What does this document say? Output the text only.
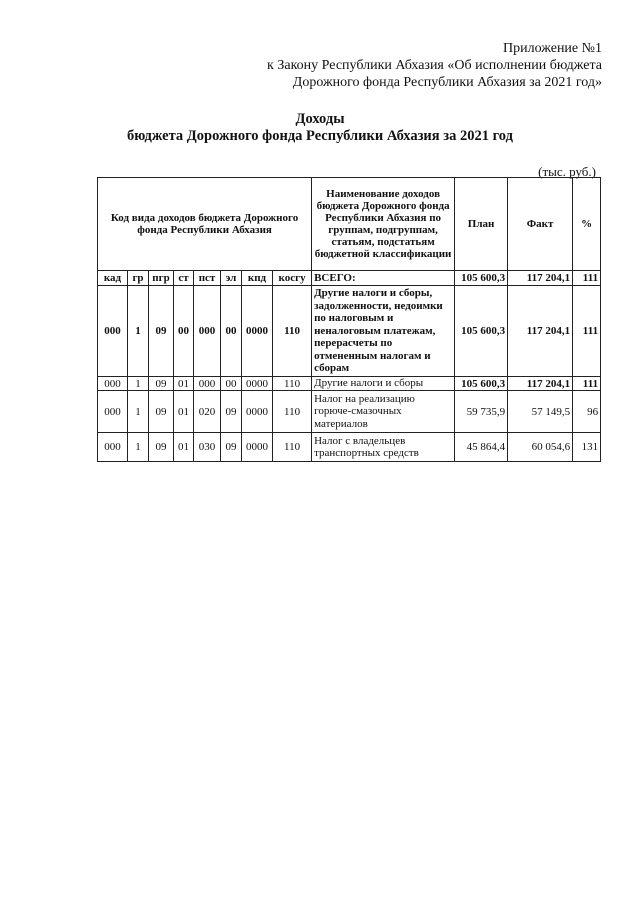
Приложение №1
к Закону Республики Абхазия «Об исполнении бюджета
Дорожного фонда Республики Абхазия за 2021 год»
Доходы
бюджета Дорожного фонда Республики Абхазия за 2021 год
(тыс. руб.)
Код вида доходов бюджета Дорожного фонда Республики Абхазия								Наименование доходов бюджета Дорожного фонда Республики Абхазия по группам, подгруппам, статьям, подстатьям бюджетной классификации	План	Факт	%
кад	гр	пгр	ст	пст	эл	кпд	косгу	ВСЕГО:	105 600,3	117 204,1	111
000	1	09	00	000	00	0000	110	Другие налоги и сборы, задолженности, недоимки по налоговым и неналоговым платежам, перерасчеты по отмененным налогам и сборам	105 600,3	117 204,1	111
000	1	09	01	000	00	0000	110	Другие налоги и сборы	105 600,3	117 204,1	111
000	1	09	01	020	09	0000	110	Налог на реализацию горюче-смазочных материалов	59 735,9	57 149,5	96
000	1	09	01	030	09	0000	110	Налог с владельцев транспортных средств	45 864,4	60 054,6	131
